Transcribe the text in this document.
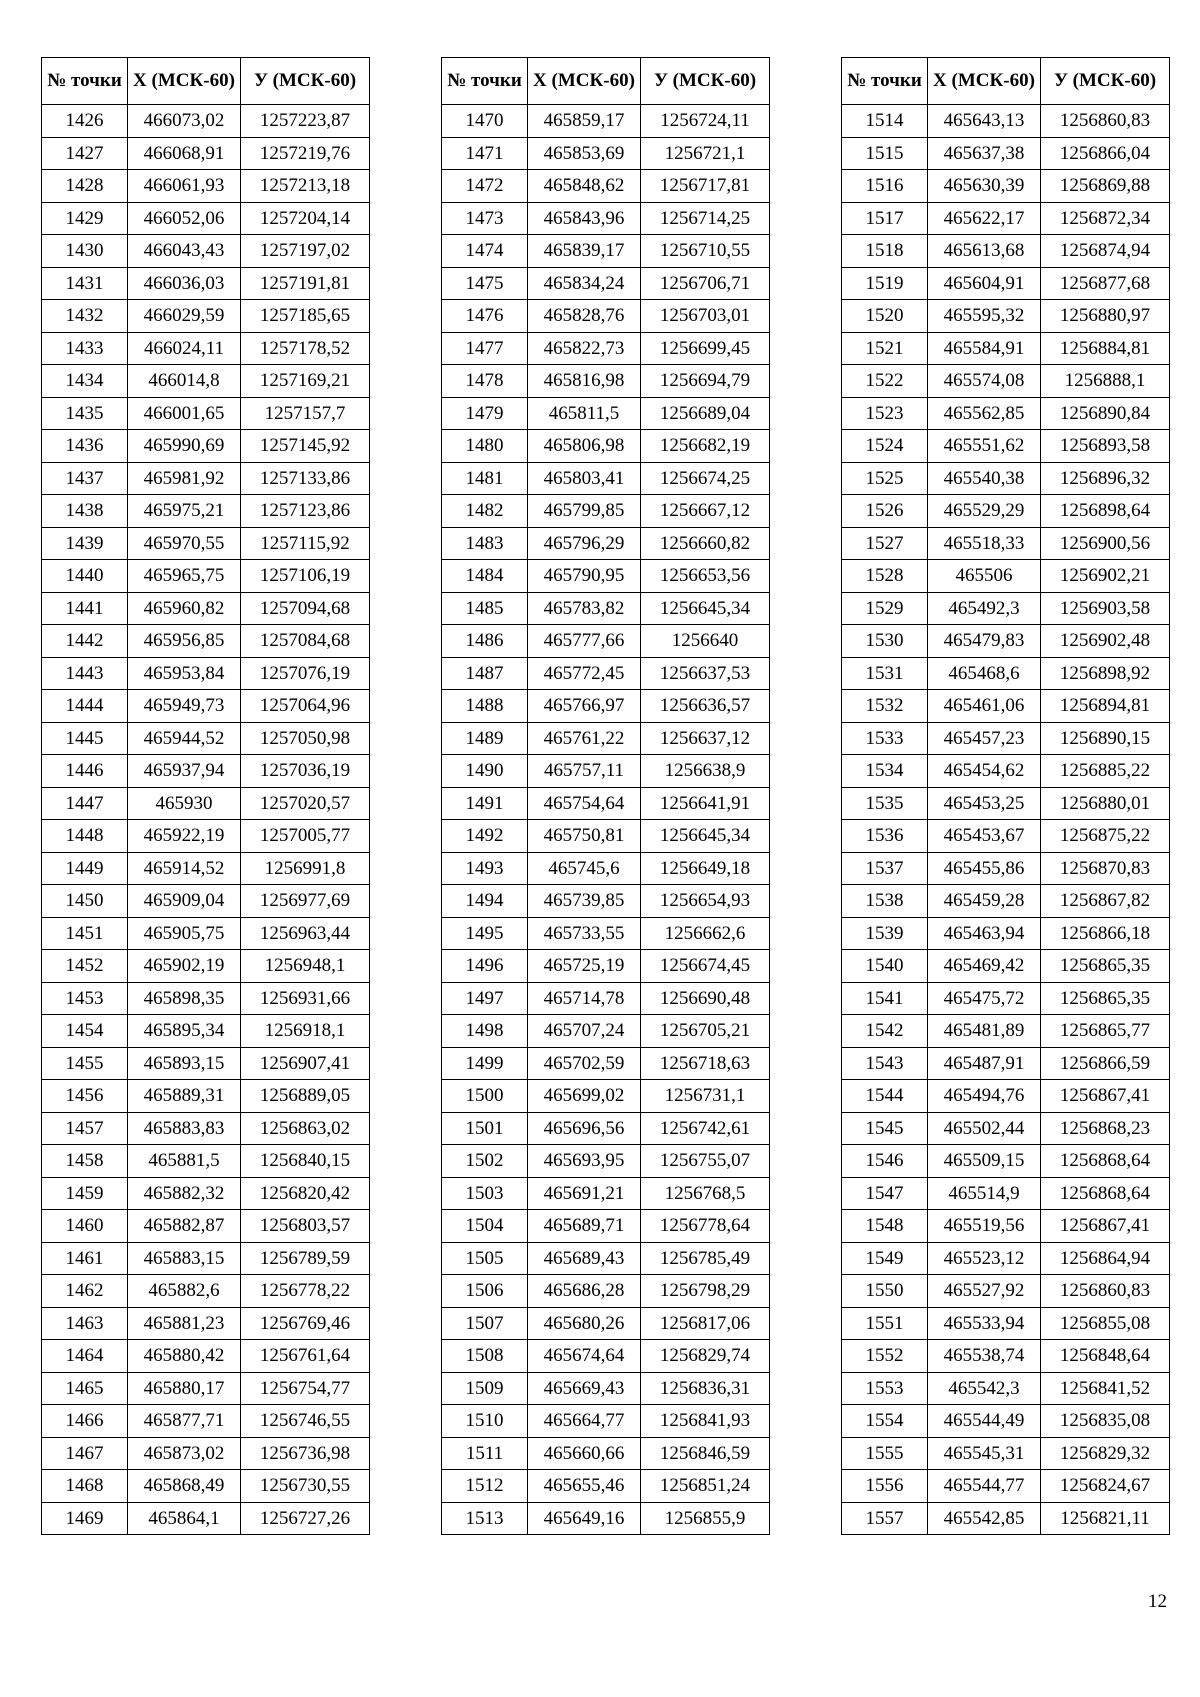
№ точки	X (МСК-60)	У (МСК-60)
1426	466073,02	1257223,87
1427	466068,91	1257219,76
1428	466061,93	1257213,18
1429	466052,06	1257204,14
1430	466043,43	1257197,02
1431	466036,03	1257191,81
1432	466029,59	1257185,65
1433	466024,11	1257178,52
1434	466014,8	1257169,21
1435	466001,65	1257157,7
1436	465990,69	1257145,92
1437	465981,92	1257133,86
1438	465975,21	1257123,86
1439	465970,55	1257115,92
1440	465965,75	1257106,19
1441	465960,82	1257094,68
1442	465956,85	1257084,68
1443	465953,84	1257076,19
1444	465949,73	1257064,96
1445	465944,52	1257050,98
1446	465937,94	1257036,19
1447	465930	1257020,57
1448	465922,19	1257005,77
1449	465914,52	1256991,8
1450	465909,04	1256977,69
1451	465905,75	1256963,44
1452	465902,19	1256948,1
1453	465898,35	1256931,66
1454	465895,34	1256918,1
1455	465893,15	1256907,41
1456	465889,31	1256889,05
1457	465883,83	1256863,02
1458	465881,5	1256840,15
1459	465882,32	1256820,42
1460	465882,87	1256803,57
1461	465883,15	1256789,59
1462	465882,6	1256778,22
1463	465881,23	1256769,46
1464	465880,42	1256761,64
1465	465880,17	1256754,77
1466	465877,71	1256746,55
1467	465873,02	1256736,98
1468	465868,49	1256730,55
1469	465864,1	1256727,26
№ точки	X (МСК-60)	У (МСК-60)
1470	465859,17	1256724,11
1471	465853,69	1256721,1
1472	465848,62	1256717,81
1473	465843,96	1256714,25
1474	465839,17	1256710,55
1475	465834,24	1256706,71
1476	465828,76	1256703,01
1477	465822,73	1256699,45
1478	465816,98	1256694,79
1479	465811,5	1256689,04
1480	465806,98	1256682,19
1481	465803,41	1256674,25
1482	465799,85	1256667,12
1483	465796,29	1256660,82
1484	465790,95	1256653,56
1485	465783,82	1256645,34
1486	465777,66	1256640
1487	465772,45	1256637,53
1488	465766,97	1256636,57
1489	465761,22	1256637,12
1490	465757,11	1256638,9
1491	465754,64	1256641,91
1492	465750,81	1256645,34
1493	465745,6	1256649,18
1494	465739,85	1256654,93
1495	465733,55	1256662,6
1496	465725,19	1256674,45
1497	465714,78	1256690,48
1498	465707,24	1256705,21
1499	465702,59	1256718,63
1500	465699,02	1256731,1
1501	465696,56	1256742,61
1502	465693,95	1256755,07
1503	465691,21	1256768,5
1504	465689,71	1256778,64
1505	465689,43	1256785,49
1506	465686,28	1256798,29
1507	465680,26	1256817,06
1508	465674,64	1256829,74
1509	465669,43	1256836,31
1510	465664,77	1256841,93
1511	465660,66	1256846,59
1512	465655,46	1256851,24
1513	465649,16	1256855,9
№ точки	X (МСК-60)	У (МСК-60)
1514	465643,13	1256860,83
1515	465637,38	1256866,04
1516	465630,39	1256869,88
1517	465622,17	1256872,34
1518	465613,68	1256874,94
1519	465604,91	1256877,68
1520	465595,32	1256880,97
1521	465584,91	1256884,81
1522	465574,08	1256888,1
1523	465562,85	1256890,84
1524	465551,62	1256893,58
1525	465540,38	1256896,32
1526	465529,29	1256898,64
1527	465518,33	1256900,56
1528	465506	1256902,21
1529	465492,3	1256903,58
1530	465479,83	1256902,48
1531	465468,6	1256898,92
1532	465461,06	1256894,81
1533	465457,23	1256890,15
1534	465454,62	1256885,22
1535	465453,25	1256880,01
1536	465453,67	1256875,22
1537	465455,86	1256870,83
1538	465459,28	1256867,82
1539	465463,94	1256866,18
1540	465469,42	1256865,35
1541	465475,72	1256865,35
1542	465481,89	1256865,77
1543	465487,91	1256866,59
1544	465494,76	1256867,41
1545	465502,44	1256868,23
1546	465509,15	1256868,64
1547	465514,9	1256868,64
1548	465519,56	1256867,41
1549	465523,12	1256864,94
1550	465527,92	1256860,83
1551	465533,94	1256855,08
1552	465538,74	1256848,64
1553	465542,3	1256841,52
1554	465544,49	1256835,08
1555	465545,31	1256829,32
1556	465544,77	1256824,67
1557	465542,85	1256821,11
12
